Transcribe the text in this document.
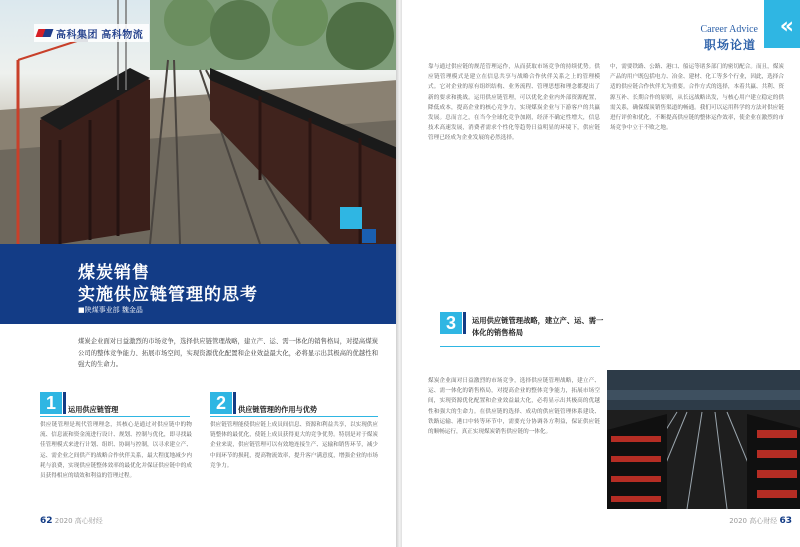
高科集团 高科物流
煤炭销售
实施供应链管理的思考
■陕煤事业部 魏金晶

煤炭企业面对日益激烈的市场竞争，选择供应链管理战略，建立产、运、需一体化的销售格局，对提高煤炭公司的整体竞争能力、拓展市场空间，实现资源优化配置和企业效益最大化，必将显示出其极高的优越性和强大的生命力。

1	运用供应链管理

供应链管理是现代管理理念，其核心是通过对供应链中的物流、信息流和资金流进行设计、规划、控制与优化，即寻找最佳管理模式来进行计划、组织、协调与控制，以寻求建立产、运、需企业之间供产的战略合作伙伴关系，最大程度地减少内耗与浪费，实现供应链整体效率的最优化并保证供应链中的成员获得相应的绩效和利益的管理过程。

2	供应链管理的作用与优势

供应链管理能使供应链上成员间信息、资源和利益共享，以实现供应链整体的最优化，使链上成员获得更大的竞争优势。特别是对于煤炭企业来说，供应链管理可以有效地连接生产、运输和销售环节，减少中间环节的损耗，提高物流效率，提升客户满意度，增强企业的市场竞争力。

62 2020 高心财经
Career Advice
职场论道
«

靠与通过供应链的规范管理运作，从而获取市场竞争的持续优势。供应链管理模式是建立在信息共享与战略合作伙伴关系之上的管理模式。它对企业的原有组织结构、业务流程、管理思想和理念都提出了新的要求和挑战。运用供应链管理，可以优化企业内外部资源配置，降低成本，提高企业的核心竞争力，实现煤炭企业与下游客户的共赢发展。总而言之，在当今全球化竞争加剧，经济不确定性增大，信息技术高速发展，消费者需求个性化等趋势日益明显的环境下，供应链管理已经成为企业发展的必然选择。

3	运用供应链管理战略，建立产、运、需一体化的销售格局

煤炭企业面对日益激烈的市场竞争，选择供应链管理战略，建立产、运、需一体化的销售格局，对提高企业的整体竞争能力，拓展市场空间，实现资源优化配置和企业效益最大化，必将显示出其极高的优越性和强大的生命力。在供应链的选择、成功的供应链管理体系建设、铁路运输、港口中转等环节中，需要充分协调各方利益，保证供应链的顺畅运行，真正实现煤炭销售供应链的一体化。

中，需要铁路、公路、港口、船运等诸多部门的密切配合。而且，煤炭产品的用户既包括电力、冶金、建材、化工等多个行业，因此，选择合适的供应链合作伙伴尤为重要。合作方式的选择，本着共赢、共利、资源互补、长期合作的原则，从长远战略出发，与核心用户建立稳定的供需关系，确保煤炭销售渠道的畅通。我们可以运用科学的方法对供应链进行评价和优化，不断提高供应链的整体运作效率，使企业在激烈的市场竞争中立于不败之地。

2020 高心财经 63
